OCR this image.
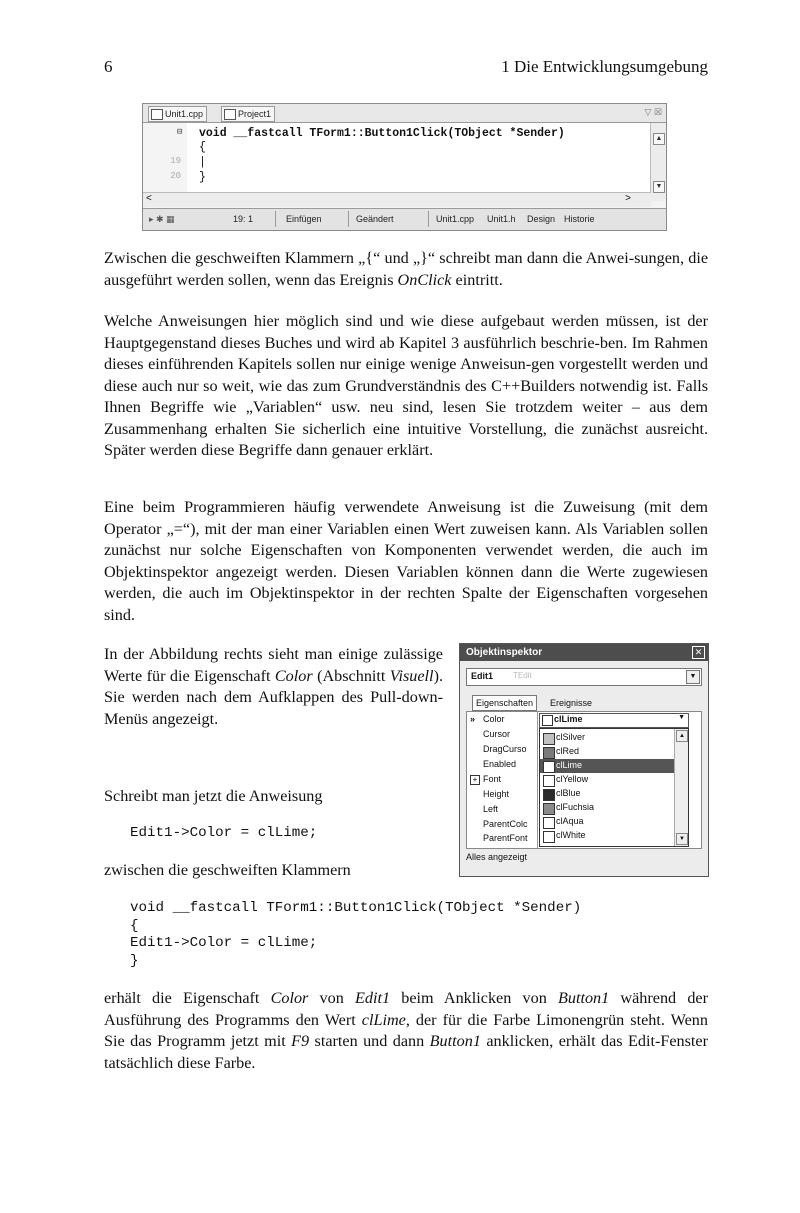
6	1 Die Entwicklungsumgebung
Unit1.cpp	Project1	▽ ☒
⊟
19
20
void __fastcall TForm1::Button1Click(TObject *Sender)
{
|
}
▲
▼
<	>
▸ ✱ ▦	19: 1	Einfügen	Geändert	Unit1.cpp Unit1.h Design Historie

Zwischen die geschweiften Klammern „{“ und „}“ schreibt man dann die Anwei-sungen, die ausgeführt werden sollen, wenn das Ereignis OnClick eintritt.

Welche Anweisungen hier möglich sind und wie diese aufgebaut werden müssen, ist der Hauptgegenstand dieses Buches und wird ab Kapitel 3 ausführlich beschrie-ben. Im Rahmen dieses einführenden Kapitels sollen nur einige wenige Anweisun-gen vorgestellt werden und diese auch nur so weit, wie das zum Grundverständnis des C++Builders notwendig ist. Falls Ihnen Begriffe wie „Variablen“ usw. neu sind, lesen Sie trotzdem weiter – aus dem Zusammenhang erhalten Sie sicherlich eine intuitive Vorstellung, die zunächst ausreicht. Später werden diese Begriffe dann genauer erklärt.

Eine beim Programmieren häufig verwendete Anweisung ist die Zuweisung (mit dem Operator „=“), mit der man einer Variablen einen Wert zuweisen kann. Als Variablen sollen zunächst nur solche Eigenschaften von Komponenten verwendet werden, die auch im Objektinspektor angezeigt werden. Diesen Variablen können dann die Werte zugewiesen werden, die auch im Objektinspektor in der rechten Spalte der Eigenschaften vorgesehen sind.

In der Abbildung rechts sieht man einige zulässige Werte für die Eigenschaft Color (Abschnitt Visuell). Sie werden nach dem Aufklappen des Pull-down-Menüs angezeigt.

Schreibt man jetzt die Anweisung

Edit1->Color = clLime;

zwischen die geschweiften Klammern

void __fastcall TForm1::Button1Click(TObject *Sender)
{
Edit1->Color = clLime;
}

erhält die Eigenschaft Color von Edit1 beim Anklicken von Button1 während der Ausführung des Programms den Wert clLime, der für die Farbe Limonengrün steht. Wenn Sie das Programm jetzt mit F9 starten und dann Button1 anklicken, erhält das Edit-Fenster tatsächlich diese Farbe.

Objektinspektor	✕
Edit1 TEdit	▼
Eigenschaften	Ereignisse
» Color
Cursor
DragCurso
Enabled
+ Font
Height
Left
ParentColc
ParentFont
clLime	▼
▲
▼
clSilver
clRed
clLime
clYellow
clBlue
clFuchsia
clAqua
clWhite
Alles angezeigt
